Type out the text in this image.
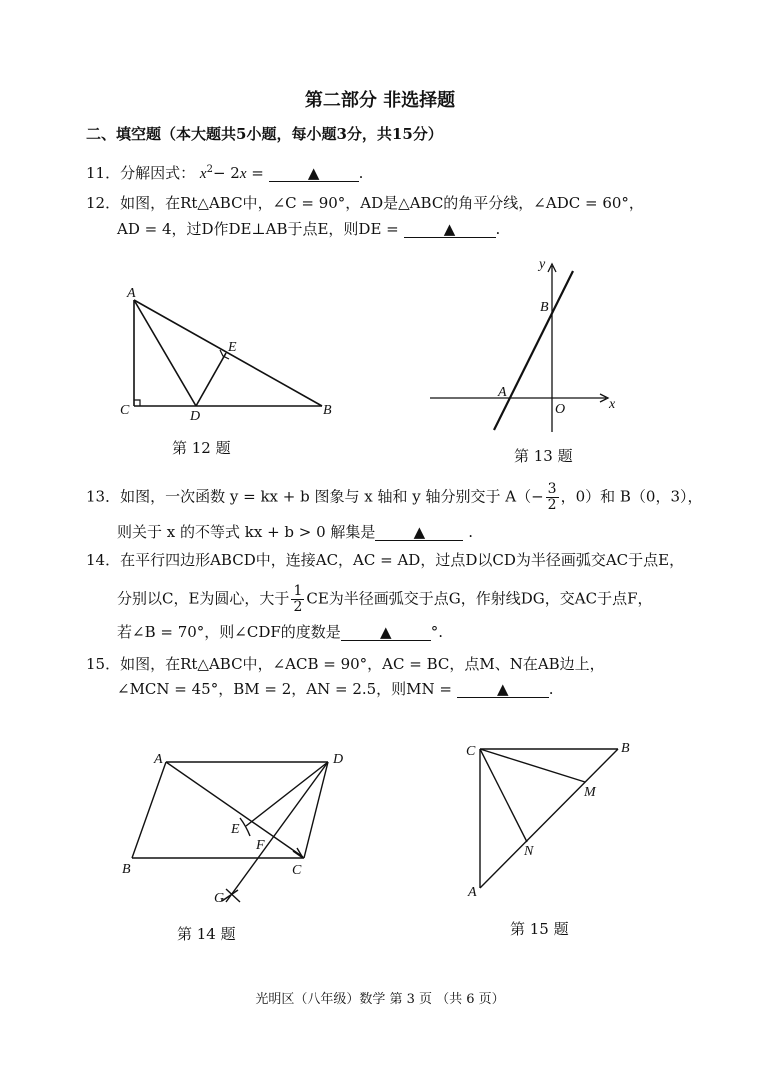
第二部分 非选择题
二、填空题（本大题共5小题，每小题3分，共15分）
11．分解因式： $x^2- 2x$ =	▲	.
12．如图，在Rt△ABC中，∠C = 90°，AD是△ABC的角平分线，∠ADC = 60°，
AD = 4，过D作DE⊥AB于点E，则DE =	▲	.
A
C	D	B
E
第 12 题
y
x
B
A
O
第 13 题
13．如图，一次函数 y = kx + b 图象与 x 轴和 y 轴分别交于 $A(- \frac{3}{2}$ ，0）和 B（0，3），
则关于 x 的不等式 kx + b > 0 解集是	▲	.
14．在平行四边形ABCD中，连接AC，AC = AD，过点D以CD为半径画弧交AC于点E，
分别以C，E为圆心，大于 $\frac{1}{2}$ CE为半径画弧交于点G，作射线DG，交AC于点F，
若∠B = 70°，则∠CDF的度数是	▲	°.
15．如图，在Rt△ABC中，∠ACB = 90°，AC = BC，点M、N在AB边上，
∠MCN = 45°，BM = 2，AN = 2.5，则MN =	▲	.
A	D
B	C
E
F
G
第 14 题
C	B
M
N
A
第 15 题
光明区（八年级）数学 第 3 页 （共 6 页）
